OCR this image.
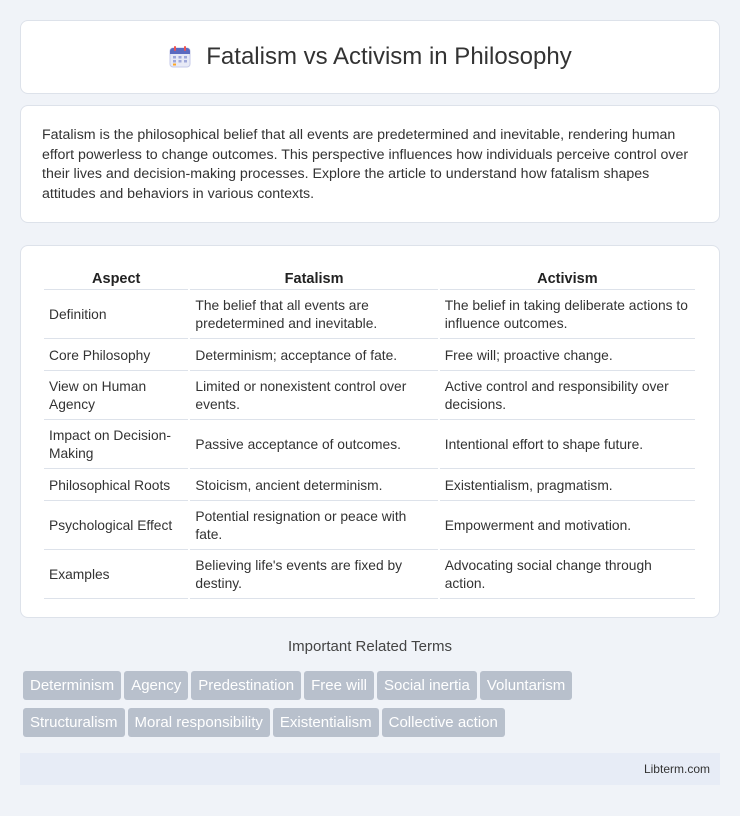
Fatalism vs Activism in Philosophy

Fatalism is the philosophical belief that all events are predetermined and inevitable, rendering human effort powerless to change outcomes. This perspective influences how individuals perceive control over their lives and decision-making processes. Explore the article to understand how fatalism shapes attitudes and behaviors in various contexts.

Aspect	Fatalism	Activism
Definition	The belief that all events are predetermined and inevitable.	The belief in taking deliberate actions to influence outcomes.
Core Philosophy	Determinism; acceptance of fate.	Free will; proactive change.
View on Human Agency	Limited or nonexistent control over events.	Active control and responsibility over decisions.
Impact on Decision-Making	Passive acceptance of outcomes.	Intentional effort to shape future.
Philosophical Roots	Stoicism, ancient determinism.	Existentialism, pragmatism.
Psychological Effect	Potential resignation or peace with fate.	Empowerment and motivation.
Examples	Believing life's events are fixed by destiny.	Advocating social change through action.
Important Related Terms
Determinism Agency Predestination Free will Social inertia Voluntarism
Structuralism Moral responsibility Existentialism Collective action
Libterm.com
